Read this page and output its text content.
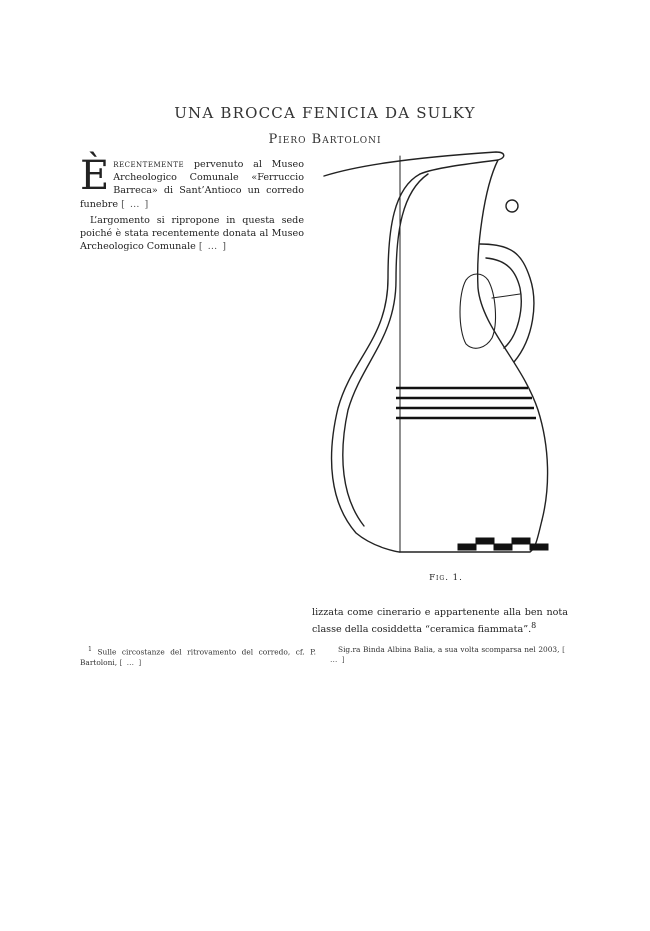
UNA BROCCA FENICIA DA SULKY
Piero Bartoloni

È recentemente pervenuto al Museo Archeologico Comunale «Ferruccio Barreca» di Sant’Antioco un corredo funebre [ … ]

L’argomento si ripropone in questa sede poiché è stata recentemente donata al Museo Archeologico Comunale [ … ]

Fig. 1.
lizzata come cinerario e appartenente alla ben nota classe della cosiddetta “ceramica fiammata”.$^8$

$^1$ Sulle circostanze del ritrovamento del corredo, cf. P. Bartoloni, [ … ]

Sig.ra Binda Albina Balia, a sua volta scomparsa nel 2003, [ … ]
